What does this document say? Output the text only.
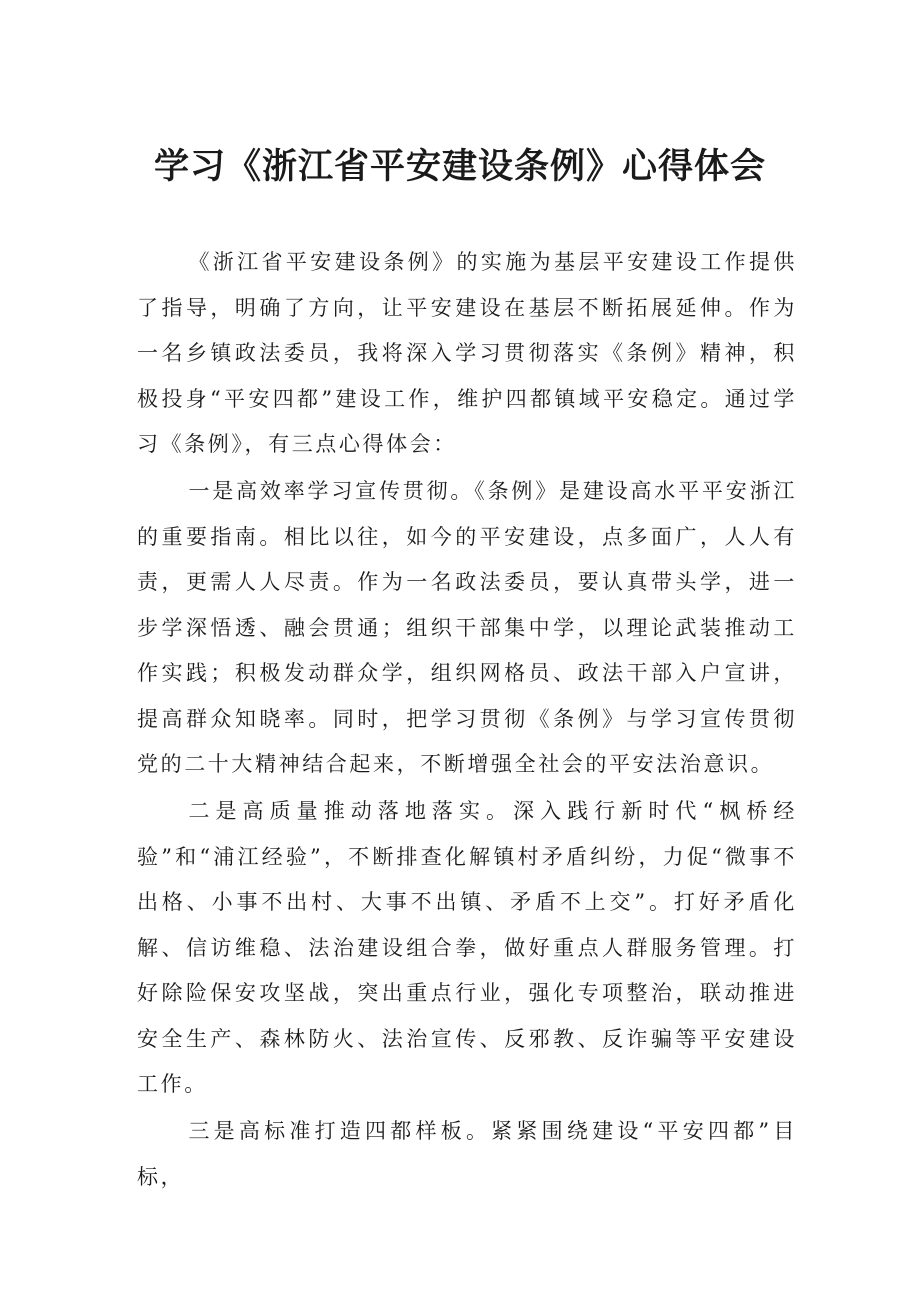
学习《浙江省平安建设条例》心得体会

《浙江省平安建设条例》的实施为基层平安建设工作提供了指导，明确了方向，让平安建设在基层不断拓展延伸。作为一名乡镇政法委员，我将深入学习贯彻落实《条例》精神，积极投身“平安四都”建设工作，维护四都镇域平安稳定。通过学习《条例》，有三点心得体会：

一是高效率学习宣传贯彻。《条例》是建设高水平平安浙江的重要指南。相比以往，如今的平安建设，点多面广，人人有责，更需人人尽责。作为一名政法委员，要认真带头学，进一步学深悟透、融会贯通；组织干部集中学，以理论武装推动工作实践；积极发动群众学，组织网格员、政法干部入户宣讲，提高群众知晓率。同时，把学习贯彻《条例》与学习宣传贯彻党的二十大精神结合起来，不断增强全社会的平安法治意识。

二是高质量推动落地落实。深入践行新时代“枫桥经验”和“浦江经验”，不断排查化解镇村矛盾纠纷，力促“微事不出格、小事不出村、大事不出镇、矛盾不上交”。打好矛盾化解、信访维稳、法治建设组合拳，做好重点人群服务管理。打好除险保安攻坚战，突出重点行业，强化专项整治，联动推进安全生产、森林防火、法治宣传、反邪教、反诈骗等平安建设工作。

三是高标准打造四都样板。紧紧围绕建设“平安四都”目标，
